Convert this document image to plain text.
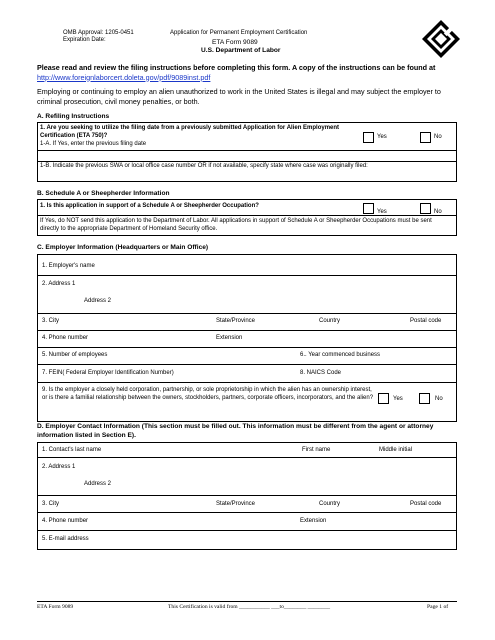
OMB Approval: 1205-0451
Expiration Date:
Application for Permanent Employment Certification
ETA Form 9089
U.S. Department of Labor
Please read and review the filing instructions before completing this form. A copy of the instructions can be found at http://www.foreignlaborcert.doleta.gov/pdf/9089inst.pdf
Employing or continuing to employ an alien unauthorized to work in the United States is illegal and may subject the employer to criminal prosecution, civil money penalties, or both.
A. Refiling Instructions
1. Are you seeking to utilize the filing date from a previously submitted Application for Alien Employment Certification (ETA 750)?	Yes	No
1-A. If Yes, enter the previous filing date
1-B. Indicate the previous SWA or local office case number OR if not available, specify state where case was originally filed:
B. Schedule A or Sheepherder Information
1. Is this application in support of a Schedule A or Sheepherder Occupation?
Yes	No
If Yes, do NOT send this application to the Department of Labor. All applications in support of Schedule A or Sheepherder Occupations must be sent directly to the appropriate Department of Homeland Security office.
C. Employer Information (Headquarters or Main Office)
1. Employer's name
2. Address 1
Address 2
3. City	State/Province	Country	Postal code
4. Phone number	Extension
5. Number of employees	6.. Year commenced business
7. FEIN( Federal Employer Identification Number)	8. NAICS Code
9. Is the employer a closely held corporation, partnership, or sole proprietorship in which the alien has an ownership interest, or is there a familial relationship between the owners, stockholders, partners, corporate officers, incorporators, and the alien?	Yes	No
D. Employer Contact Information (This section must be filled out. This information must be different from the agent or attorney information listed in Section E).
1. Contact's last name	First name	Middle initial
2. Address 1
Address 2
3. City	State/Province	Country	Postal code
4. Phone number	Extension
5. E-mail address
ETA Form 9089	This Certification is valid from ___________ ___to________ ________	Page 1 of
